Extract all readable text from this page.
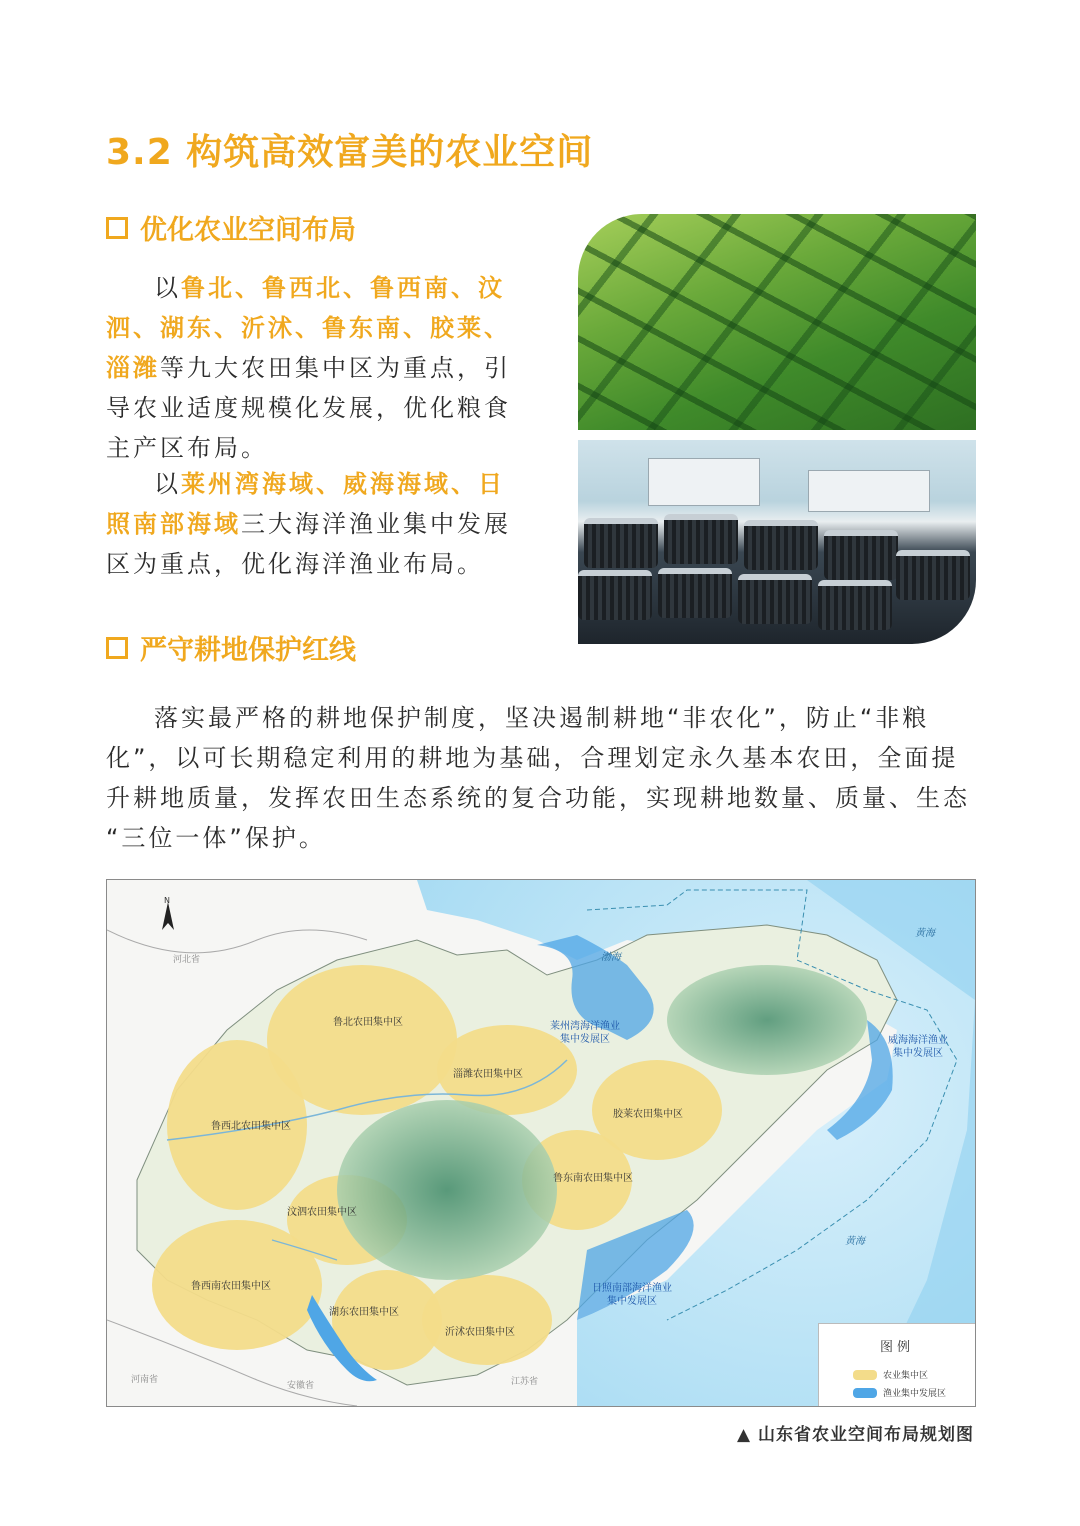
3.2 构筑高效富美的农业空间
优化农业空间布局

以鲁北、鲁西北、鲁西南、汶
泗、湖东、沂沭、鲁东南、胶莱、
淄潍等九大农田集中区为重点，引
导农业适度规模化发展，优化粮食
主产区布局。

以莱州湾海域、威海海域、日
照南部海域三大海洋渔业集中发展
区为重点，优化海洋渔业布局。

严守耕地保护红线
落实最严格的耕地保护制度，坚决遏制耕地“非农化”，防止“非粮
化”，以可长期稳定利用的耕地为基础，合理划定永久基本农田，全面提
升耕地质量，发挥农田生态系统的复合功能，实现耕地数量、质量、生态
“三位一体”保护。
N
河北省
河南省
安徽省	江苏省
渤海
黄海
黄海
鲁北农田集中区
淄潍农田集中区
鲁西北农田集中区
胶莱农田集中区
鲁东南农田集中区
汶泗农田集中区
鲁西南农田集中区
湖东农田集中区
沂沭农田集中区
莱州湾海洋渔业
集中发展区	威海海洋渔业
集中发展区
日照南部海洋渔业
集中发展区
图例
农业集中区
渔业集中发展区
▲ 山东省农业空间布局规划图
